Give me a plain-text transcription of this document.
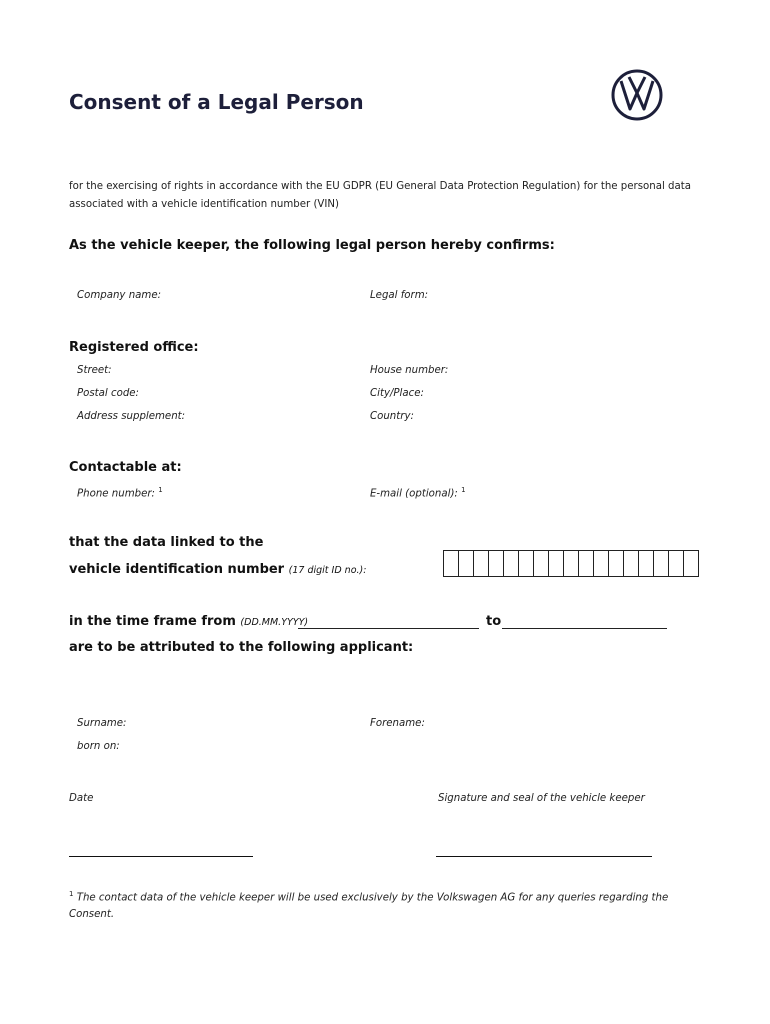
Consent of a Legal Person
for the exercising of rights in accordance with the EU GDPR (EU General Data Protection Regulation) for the personal data associated with a vehicle identification number (VIN)
As the vehicle keeper, the following legal person hereby confirms:
Company name:	Legal form:
Registered office:
Street:	House number:
Postal code:	City/Place:
Address supplement:	Country:
Contactable at:
Phone number: $^1$	E-mail (optional): $^1$
that the data linked to the
vehicle identification number (17 digit ID no.):
in the time frame from (DD.MM.YYYY)	to
are to be attributed to the following applicant:
Surname:	Forename:
born on:
Date	Signature and seal of the vehicle keeper
$^1$ The contact data of the vehicle keeper will be used exclusively by the Volkswagen AG for any queries regarding the Consent.
